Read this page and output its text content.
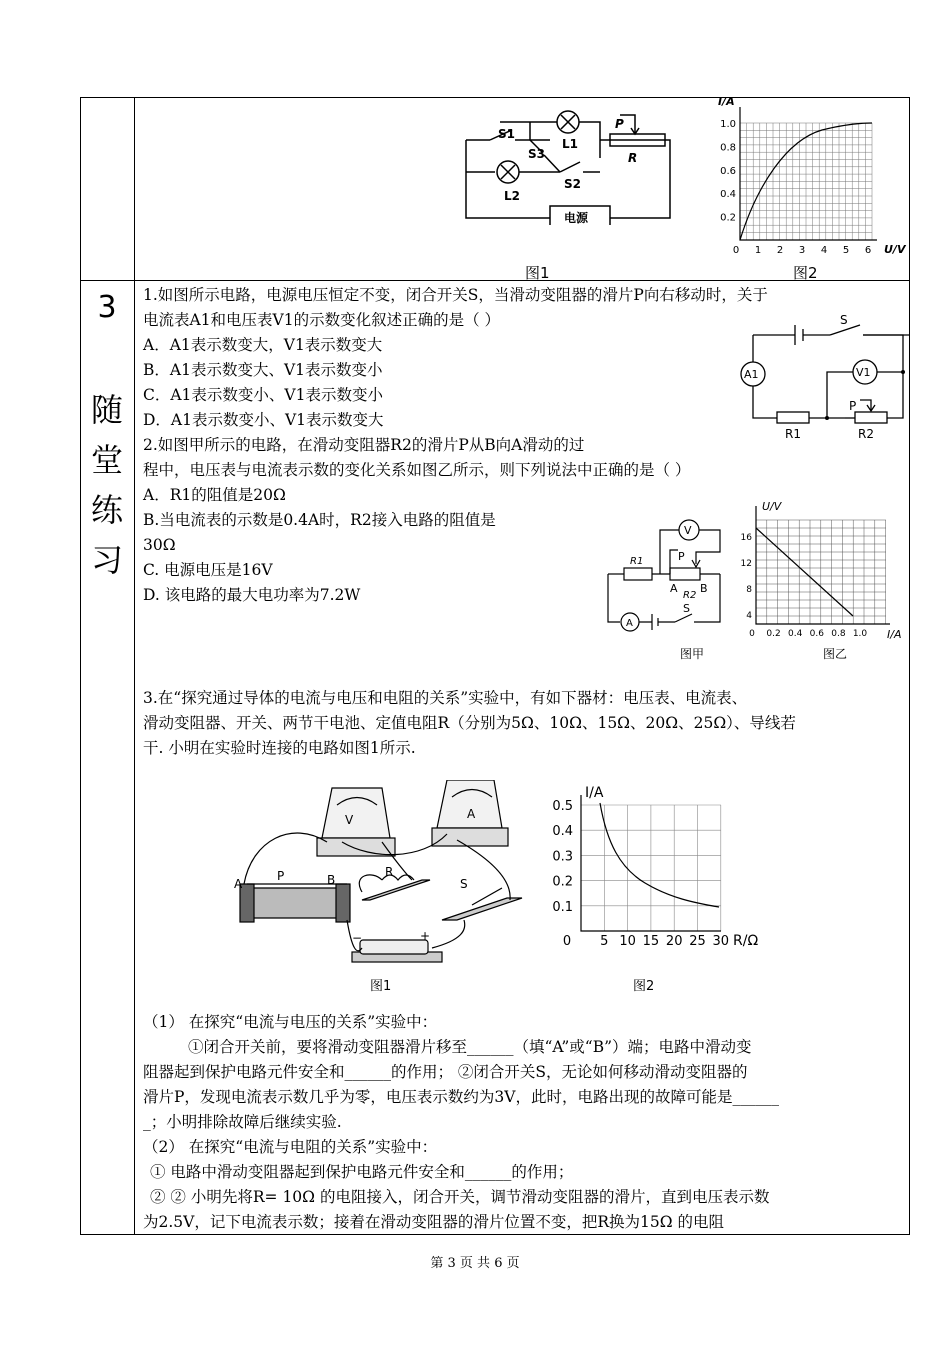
S1
S3
L1
L2
S2
P
R
电源
图1
I/A
U/V
1.0
0.8
0.6
0.4
0.2
0 1 2 3 4 5 6
图2
3
随
堂
练
习
1.如图所示电路，电源电压恒定不变，闭合开关S，当滑动变阻器的滑片P向右移动时，关于
电流表A1和电压表V1的示数变化叙述正确的是（ ）
A．A1表示数变大，V1表示数变大
B．A1表示数变大、V1表示数变小
C．A1表示数变小、V1表示数变小
D．A1表示数变小、V1表示数变大
S
A1	V1
P
R1	R2
2.如图甲所示的电路，在滑动变阻器R2的滑片P从B向A滑动的过
程中，电压表与电流表示数的变化关系如图乙所示，则下列说法中正确的是（ ）
A．R1的阻值是20Ω
B.当电流表的示数是0.4A时，R2接入电路的阻值是
30Ω
C. 电源电压是16V
D. 该电路的最大电功率为7.2W
V
R1	P
A B
R2
A
S
图甲
U/V
I/A
16
12
8
4
0 0.2 0.4 0.6 0.8 1.0
图乙
3.在“探究通过导体的电流与电压和电阻的关系”实验中，有如下器材：电压表、电流表、
滑动变阻器、开关、两节干电池、定值电阻R（分别为5Ω、10Ω、15Ω、20Ω、25Ω）、导线若
干. 小明在实验时连接的电路如图1所示.
V	A
A
P	B
R
S
−	+
图1
I/A
R/Ω
0.5
0.4
0.3
0.2
0.1
0 5 10 15 20 25 30
图2
（1） 在探究“电流与电压的关系”实验中：
①闭合开关前，要将滑动变阻器滑片移至______（填“A”或“B”）端；电路中滑动变
阻器起到保护电路元件安全和______的作用； ②闭合开关S，无论如何移动滑动变阻器的
滑片P，发现电流表示数几乎为零，电压表示数约为3V，此时，电路出现的故障可能是______
_；小明排除故障后继续实验.
（2） 在探究“电流与电阻的关系”实验中：
① 电路中滑动变阻器起到保护电路元件安全和______的作用；
② ② 小明先将R= 10Ω 的电阻接入，闭合开关，调节滑动变阻器的滑片，直到电压表示数
为2.5V，记下电流表示数；接着在滑动变阻器的滑片位置不变，把R换为15Ω 的电阻
第 3 页 共 6 页
